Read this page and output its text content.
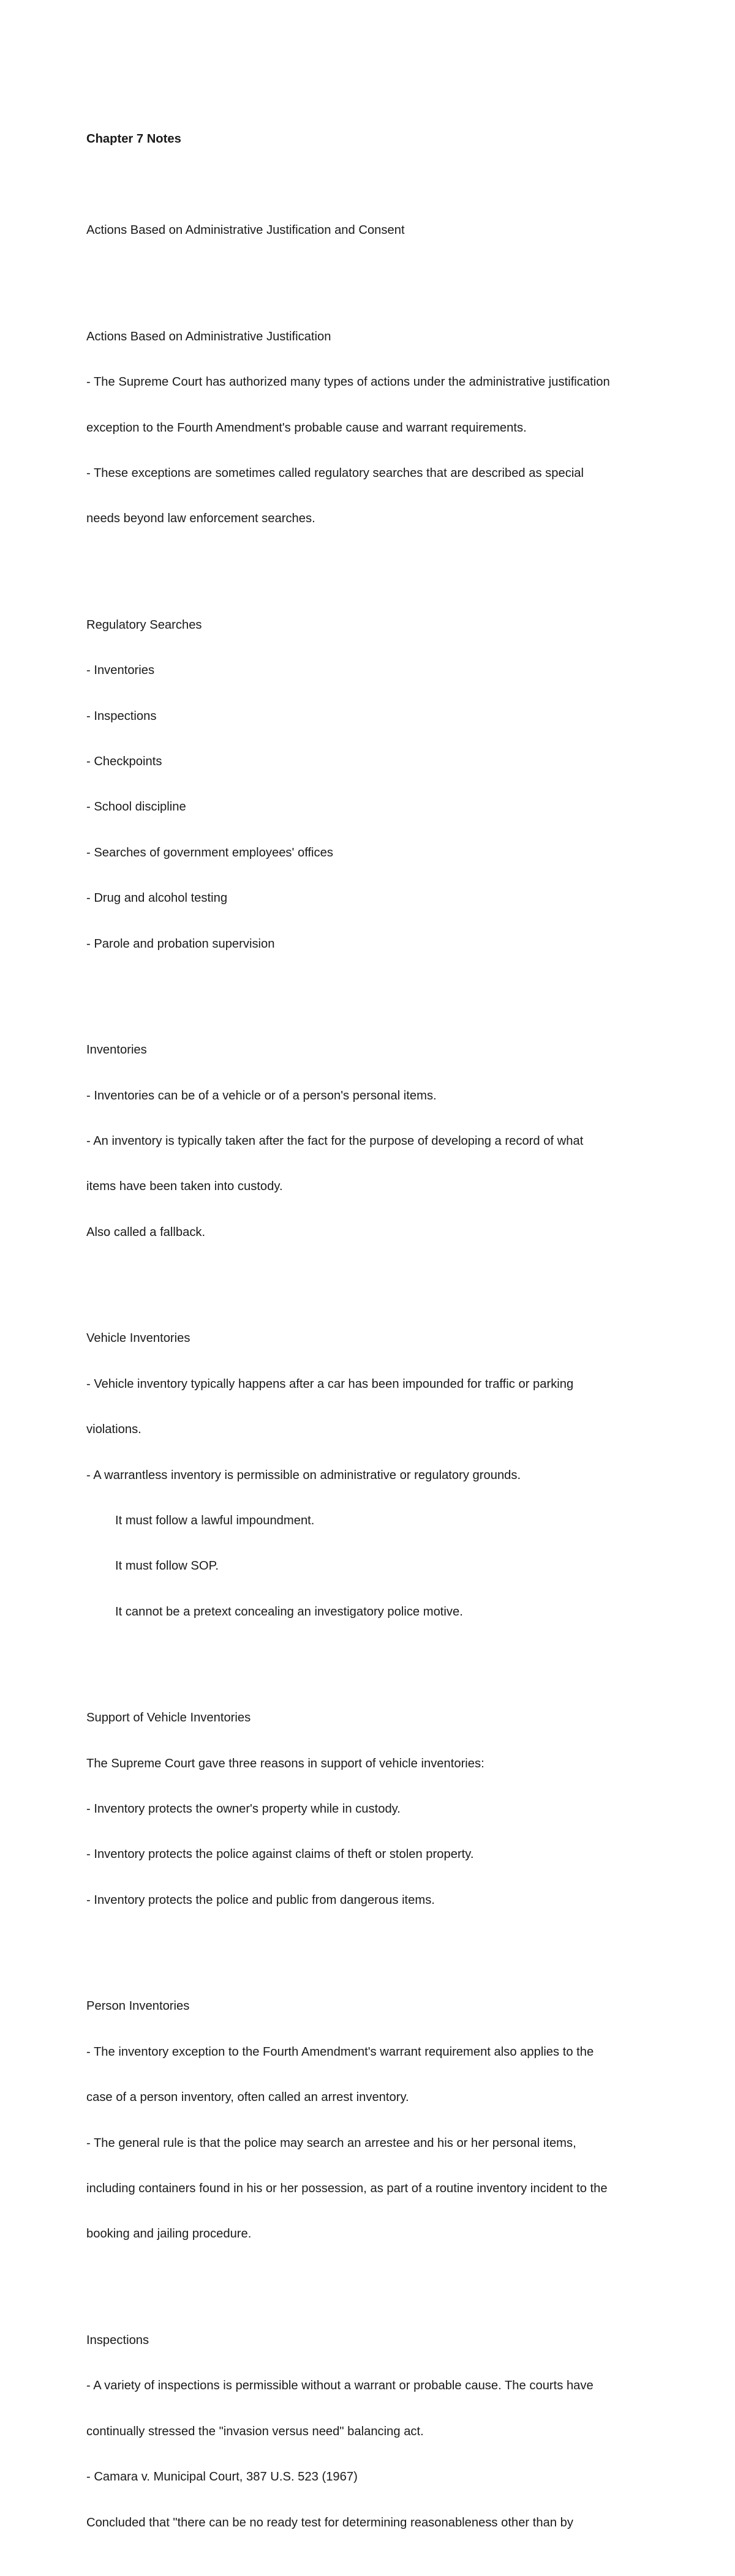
Chapter 7 Notes

Actions Based on Administrative Justification and Consent

Actions Based on Administrative Justification

- The Supreme Court has authorized many types of actions under the administrative justification

exception to the Fourth Amendment's probable cause and warrant requirements.

- These exceptions are sometimes called regulatory searches that are described as special

needs beyond law enforcement searches.

Regulatory Searches

- Inventories

- Inspections

- Checkpoints

- School discipline

- Searches of government employees' offices

- Drug and alcohol testing

- Parole and probation supervision

Inventories

- Inventories can be of a vehicle or of a person's personal items.

- An inventory is typically taken after the fact for the purpose of developing a record of what

items have been taken into custody.

Also called a fallback.

Vehicle Inventories

- Vehicle inventory typically happens after a car has been impounded for traffic or parking

violations.

- A warrantless inventory is permissible on administrative or regulatory grounds.

It must follow a lawful impoundment.

It must follow SOP.

It cannot be a pretext concealing an investigatory police motive.

Support of Vehicle Inventories

The Supreme Court gave three reasons in support of vehicle inventories:

- Inventory protects the owner's property while in custody.

- Inventory protects the police against claims of theft or stolen property.

- Inventory protects the police and public from dangerous items.

Person Inventories

- The inventory exception to the Fourth Amendment's warrant requirement also applies to the

case of a person inventory, often called an arrest inventory.

- The general rule is that the police may search an arrestee and his or her personal items,

including containers found in his or her possession, as part of a routine inventory incident to the

booking and jailing procedure.

Inspections

- A variety of inspections is permissible without a warrant or probable cause. The courts have

continually stressed the "invasion versus need" balancing act.

- Camara v. Municipal Court, 387 U.S. 523 (1967)

Concluded that "there can be no ready test for determining reasonableness other than by
